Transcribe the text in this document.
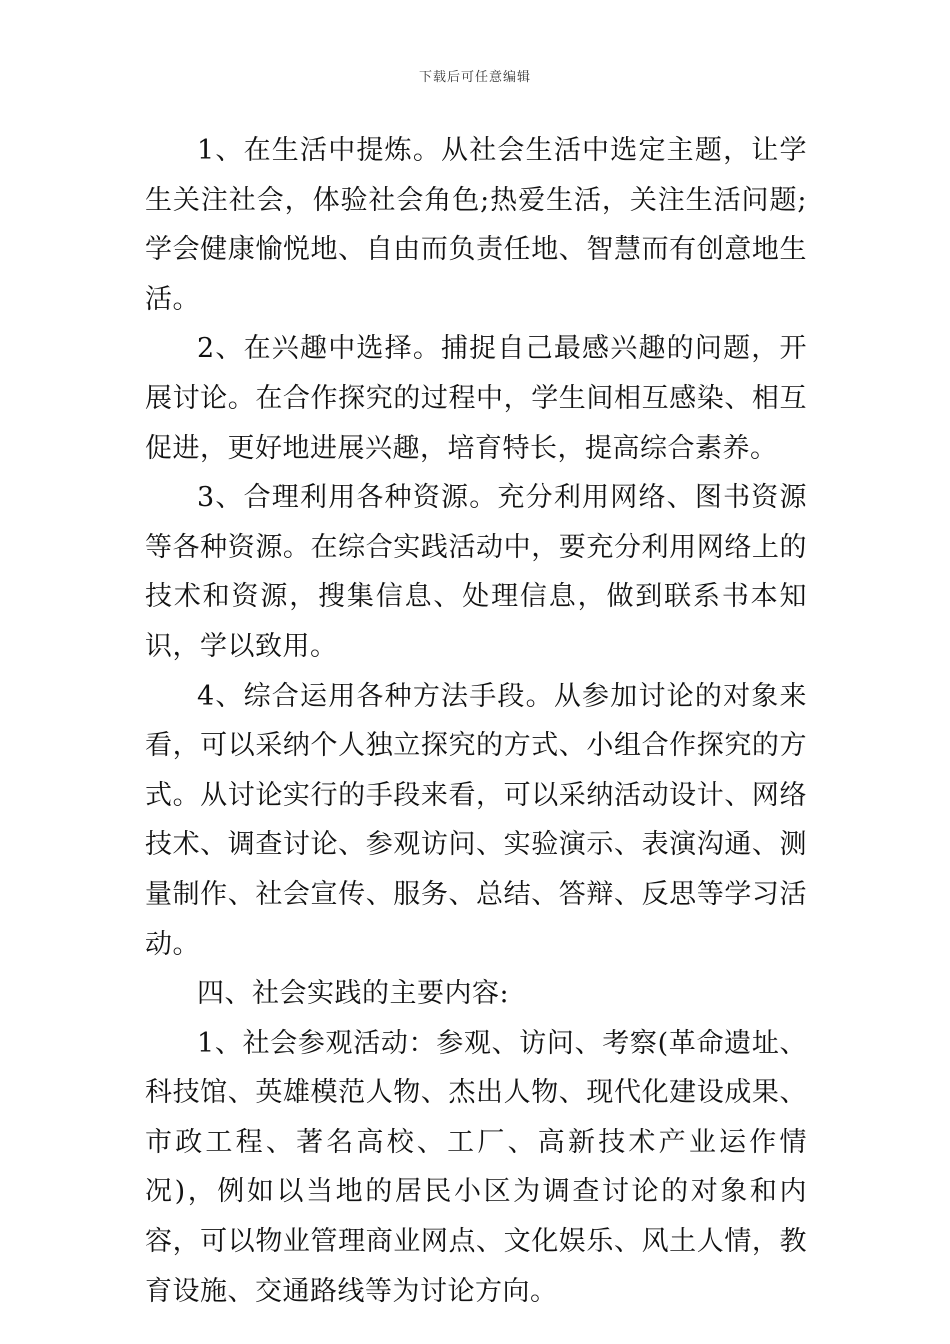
下载后可任意编辑

1、在生活中提炼。从社会生活中选定主题，让学生关注社会，体验社会角色;热爱生活，关注生活问题;学会健康愉悦地、自由而负责任地、智慧而有创意地生活。

2、在兴趣中选择。捕捉自己最感兴趣的问题，开展讨论。在合作探究的过程中，学生间相互感染、相互促进，更好地进展兴趣，培育特长，提高综合素养。

3、合理利用各种资源。充分利用网络、图书资源等各种资源。在综合实践活动中，要充分利用网络上的技术和资源，搜集信息、处理信息，做到联系书本知识，学以致用。

4、综合运用各种方法手段。从参加讨论的对象来看，可以采纳个人独立探究的方式、小组合作探究的方式。从讨论实行的手段来看，可以采纳活动设计、网络技术、调查讨论、参观访问、实验演示、表演沟通、测量制作、社会宣传、服务、总结、答辩、反思等学习活动。

四、社会实践的主要内容:

1、社会参观活动：参观、访问、考察(革命遗址、科技馆、英雄模范人物、杰出人物、现代化建设成果、市政工程、著名高校、工厂、高新技术产业运作情况)，例如以当地的居民小区为调查讨论的对象和内容，可以物业管理商业网点、文化娱乐、风土人情，教育设施、交通路线等为讨论方向。
